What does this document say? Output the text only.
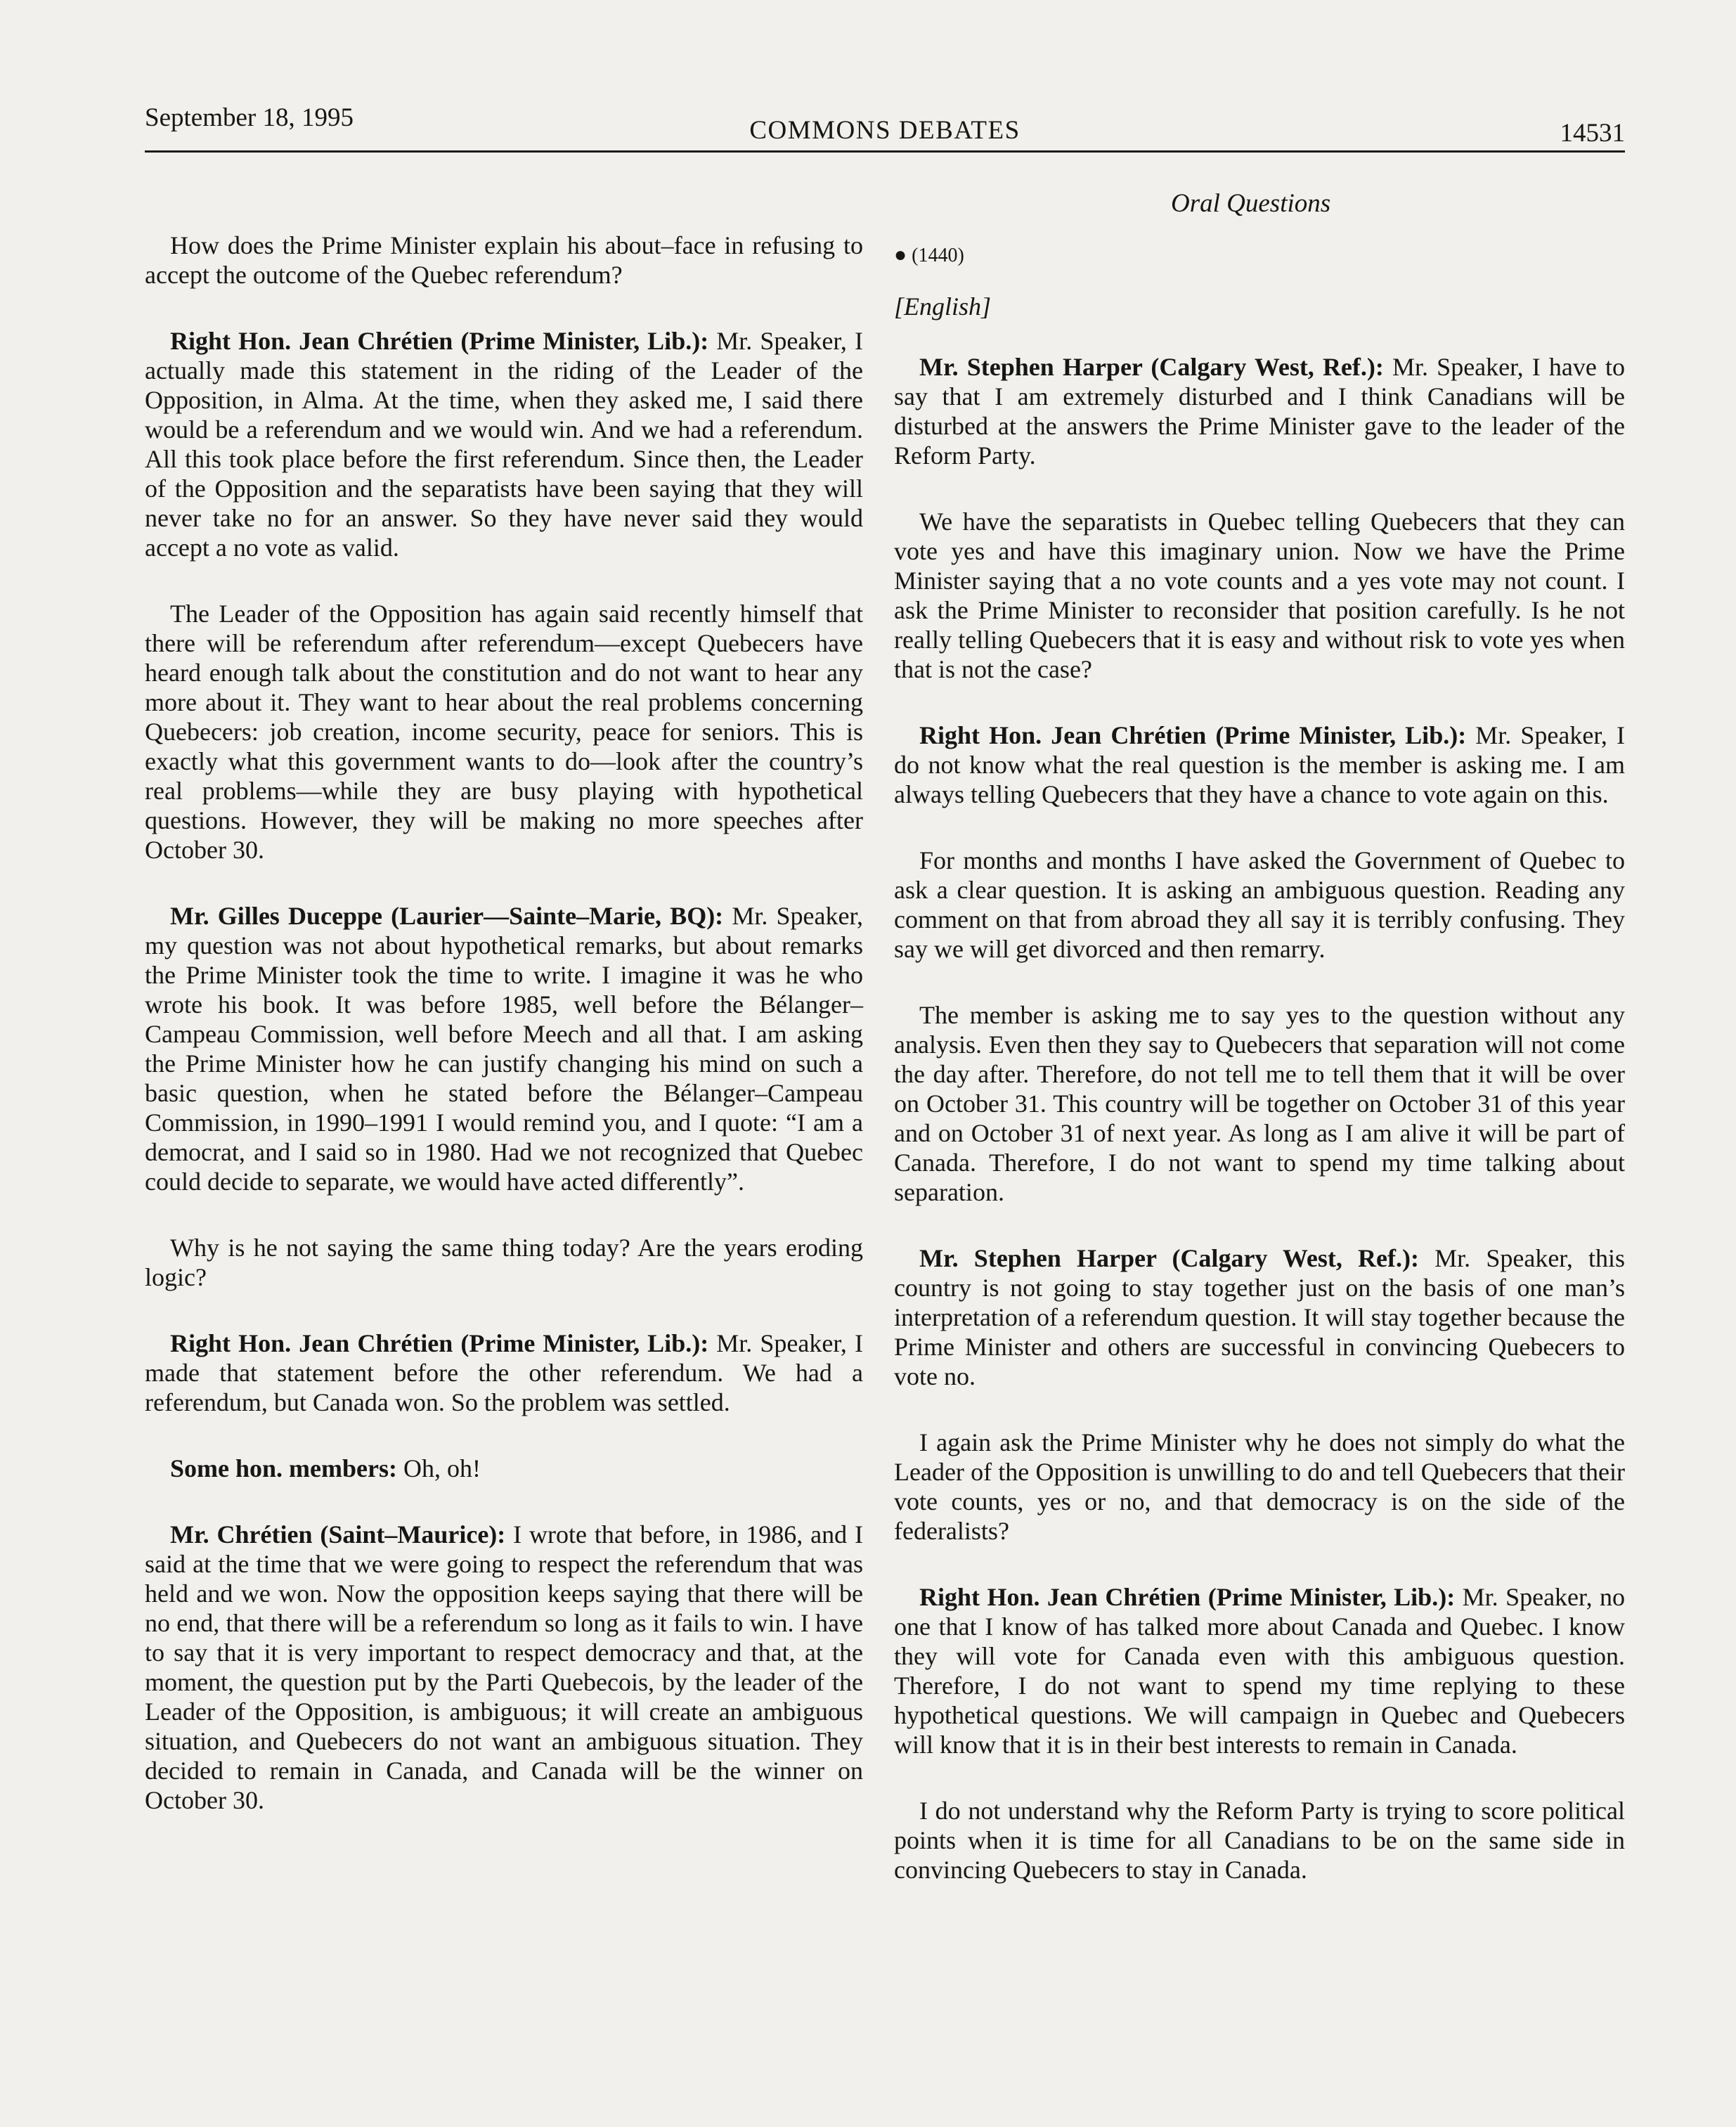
September 18, 1995	COMMONS DEBATES	14531
Oral Questions

How does the Prime Minister explain his about–face in refusing to accept the outcome of the Quebec referendum?

Right Hon. Jean Chrétien (Prime Minister, Lib.): Mr. Speaker, I actually made this statement in the riding of the Leader of the Opposition, in Alma. At the time, when they asked me, I said there would be a referendum and we would win. And we had a referendum. All this took place before the first referendum. Since then, the Leader of the Opposition and the separatists have been saying that they will never take no for an answer. So they have never said they would accept a no vote as valid.

The Leader of the Opposition has again said recently himself that there will be referendum after referendum—except Quebecers have heard enough talk about the constitution and do not want to hear any more about it. They want to hear about the real problems concerning Quebecers: job creation, income security, peace for seniors. This is exactly what this government wants to do—look after the country’s real problems—while they are busy playing with hypothetical questions. However, they will be making no more speeches after October 30.

Mr. Gilles Duceppe (Laurier—Sainte–Marie, BQ): Mr. Speaker, my question was not about hypothetical remarks, but about remarks the Prime Minister took the time to write. I imagine it was he who wrote his book. It was before 1985, well before the Bélanger–Campeau Commission, well before Meech and all that. I am asking the Prime Minister how he can justify changing his mind on such a basic question, when he stated before the Bélanger–Campeau Commission, in 1990–1991 I would remind you, and I quote: “I am a democrat, and I said so in 1980. Had we not recognized that Quebec could decide to separate, we would have acted differently”.

Why is he not saying the same thing today? Are the years eroding logic?

Right Hon. Jean Chrétien (Prime Minister, Lib.): Mr. Speaker, I made that statement before the other referendum. We had a referendum, but Canada won. So the problem was settled.

Some hon. members: Oh, oh!

Mr. Chrétien (Saint–Maurice): I wrote that before, in 1986, and I said at the time that we were going to respect the referendum that was held and we won. Now the opposition keeps saying that there will be no end, that there will be a referendum so long as it fails to win. I have to say that it is very important to respect democracy and that, at the moment, the question put by the Parti Quebecois, by the leader of the Leader of the Opposition, is ambiguous; it will create an ambiguous situation, and Quebecers do not want an ambiguous situation. They decided to remain in Canada, and Canada will be the winner on October 30.

● (1440)

[English]

Mr. Stephen Harper (Calgary West, Ref.): Mr. Speaker, I have to say that I am extremely disturbed and I think Canadians will be disturbed at the answers the Prime Minister gave to the leader of the Reform Party.

We have the separatists in Quebec telling Quebecers that they can vote yes and have this imaginary union. Now we have the Prime Minister saying that a no vote counts and a yes vote may not count. I ask the Prime Minister to reconsider that position carefully. Is he not really telling Quebecers that it is easy and without risk to vote yes when that is not the case?

Right Hon. Jean Chrétien (Prime Minister, Lib.): Mr. Speaker, I do not know what the real question is the member is asking me. I am always telling Quebecers that they have a chance to vote again on this.

For months and months I have asked the Government of Quebec to ask a clear question. It is asking an ambiguous question. Reading any comment on that from abroad they all say it is terribly confusing. They say we will get divorced and then remarry.

The member is asking me to say yes to the question without any analysis. Even then they say to Quebecers that separation will not come the day after. Therefore, do not tell me to tell them that it will be over on October 31. This country will be together on October 31 of this year and on October 31 of next year. As long as I am alive it will be part of Canada. Therefore, I do not want to spend my time talking about separation.

Mr. Stephen Harper (Calgary West, Ref.): Mr. Speaker, this country is not going to stay together just on the basis of one man’s interpretation of a referendum question. It will stay together because the Prime Minister and others are successful in convincing Quebecers to vote no.

I again ask the Prime Minister why he does not simply do what the Leader of the Opposition is unwilling to do and tell Quebecers that their vote counts, yes or no, and that democracy is on the side of the federalists?

Right Hon. Jean Chrétien (Prime Minister, Lib.): Mr. Speaker, no one that I know of has talked more about Canada and Quebec. I know they will vote for Canada even with this ambiguous question. Therefore, I do not want to spend my time replying to these hypothetical questions. We will campaign in Quebec and Quebecers will know that it is in their best interests to remain in Canada.

I do not understand why the Reform Party is trying to score political points when it is time for all Canadians to be on the same side in convincing Quebecers to stay in Canada.
